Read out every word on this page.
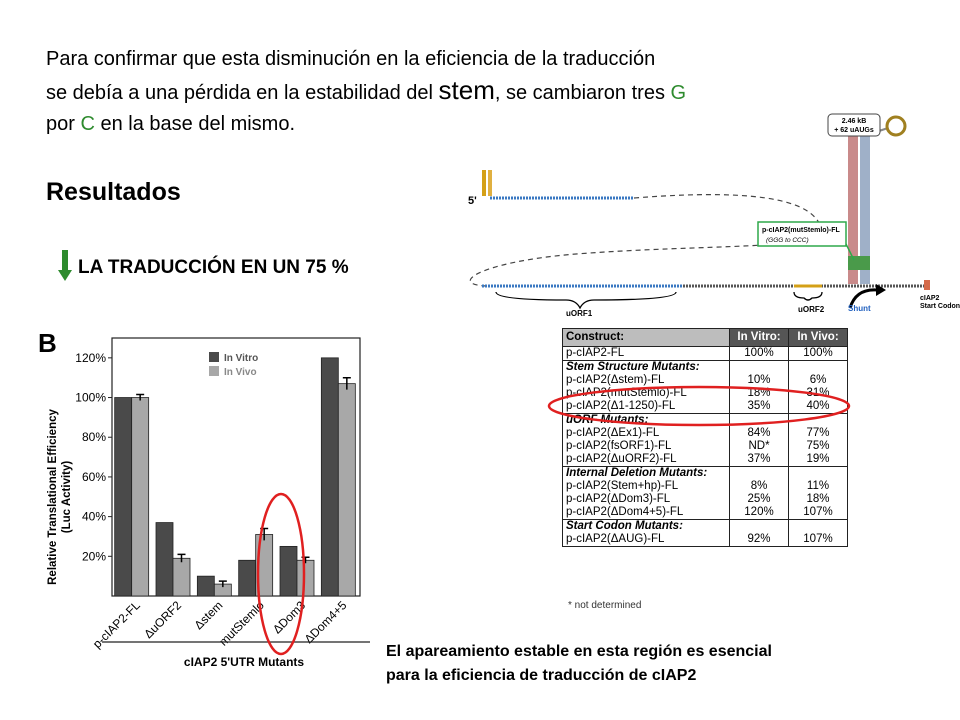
Para confirmar que esta disminución en la eficiencia de la traducción
se debía a una pérdida en la estabilidad del stem, se cambiaron tres G
por C en la base del mismo.
Resultados
LA TRADUCCIÓN EN UN 75 %
5'
2.46 kB
+ 62 uAUGs
p-cIAP2(mutStemlo)-FL
(GGG to CCC)
uORF1	uORF2	Shunt
cIAP2
Start Codon
B
Relative Translational Efficiency (Luc Activity)
20%
40%
60%
80%
100%
120%
p-cIAP2-FL
ΔuORF2 Δstem
mutStemlo ΔDom3
ΔDom4+5
In Vitro
In Vivo
cIAP2 5'UTR Mutants
Construct:	In Vitro:	In Vivo:
p-cIAP2-FL	100%	100%
Stem Structure Mutants:		
p-cIAP2(Δstem)-FL	10%	6%
p-cIAP2(mutStemlo)-FL	18%	31%
p-cIAP2(Δ1-1250)-FL	35%	40%
uORF Mutants:		
p-cIAP2(ΔEx1)-FL	84%	77%
p-cIAP2(fsORF1)-FL	ND*	75%
p-cIAP2(ΔuORF2)-FL	37%	19%
Internal Deletion Mutants:		
p-cIAP2(Stem+hp)-FL	8%	11%
p-cIAP2(ΔDom3)-FL	25%	18%
p-cIAP2(ΔDom4+5)-FL	120%	107%
Start Codon Mutants:		
p-cIAP2(ΔAUG)-FL	92%	107%
* not determined
El apareamiento estable en esta región es esencial
para la eficiencia de traducción de cIAP2
